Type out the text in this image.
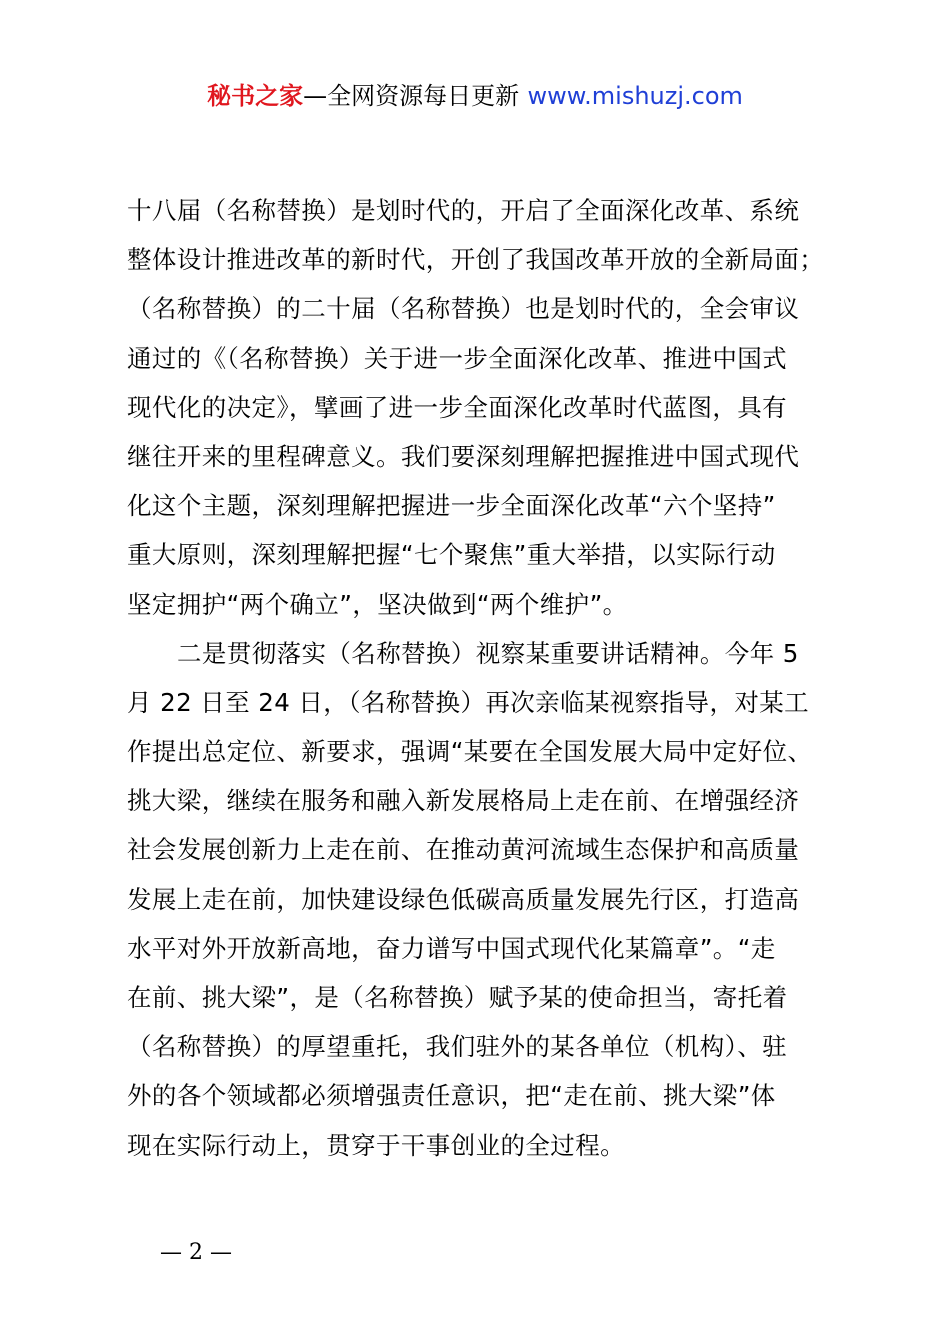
秘书之家—全网资源每日更新 www.mishuzj.com
十八届（名称替换）是划时代的，开启了全面深化改革、系统
整体设计推进改革的新时代，开创了我国改革开放的全新局面；
（名称替换）的二十届（名称替换）也是划时代的，全会审议
通过的《（名称替换）关于进一步全面深化改革、推进中国式
现代化的决定》，擘画了进一步全面深化改革时代蓝图，具有
继往开来的里程碑意义。我们要深刻理解把握推进中国式现代
化这个主题，深刻理解把握进一步全面深化改革“六个坚持”
重大原则，深刻理解把握“七个聚焦”重大举措，以实际行动
坚定拥护“两个确立”，坚决做到“两个维护”。
二是贯彻落实（名称替换）视察某重要讲话精神。今年 5
月 22 日至 24 日，（名称替换）再次亲临某视察指导，对某工
作提出总定位、新要求，强调“某要在全国发展大局中定好位、
挑大梁，继续在服务和融入新发展格局上走在前、在增强经济
社会发展创新力上走在前、在推动黄河流域生态保护和高质量
发展上走在前，加快建设绿色低碳高质量发展先行区，打造高
水平对外开放新高地，奋力谱写中国式现代化某篇章”。“走
在前、挑大梁”，是（名称替换）赋予某的使命担当，寄托着
（名称替换）的厚望重托，我们驻外的某各单位（机构）、驻
外的各个领域都必须增强责任意识，把“走在前、挑大梁”体
现在实际行动上，贯穿于干事创业的全过程。
— 2 —
